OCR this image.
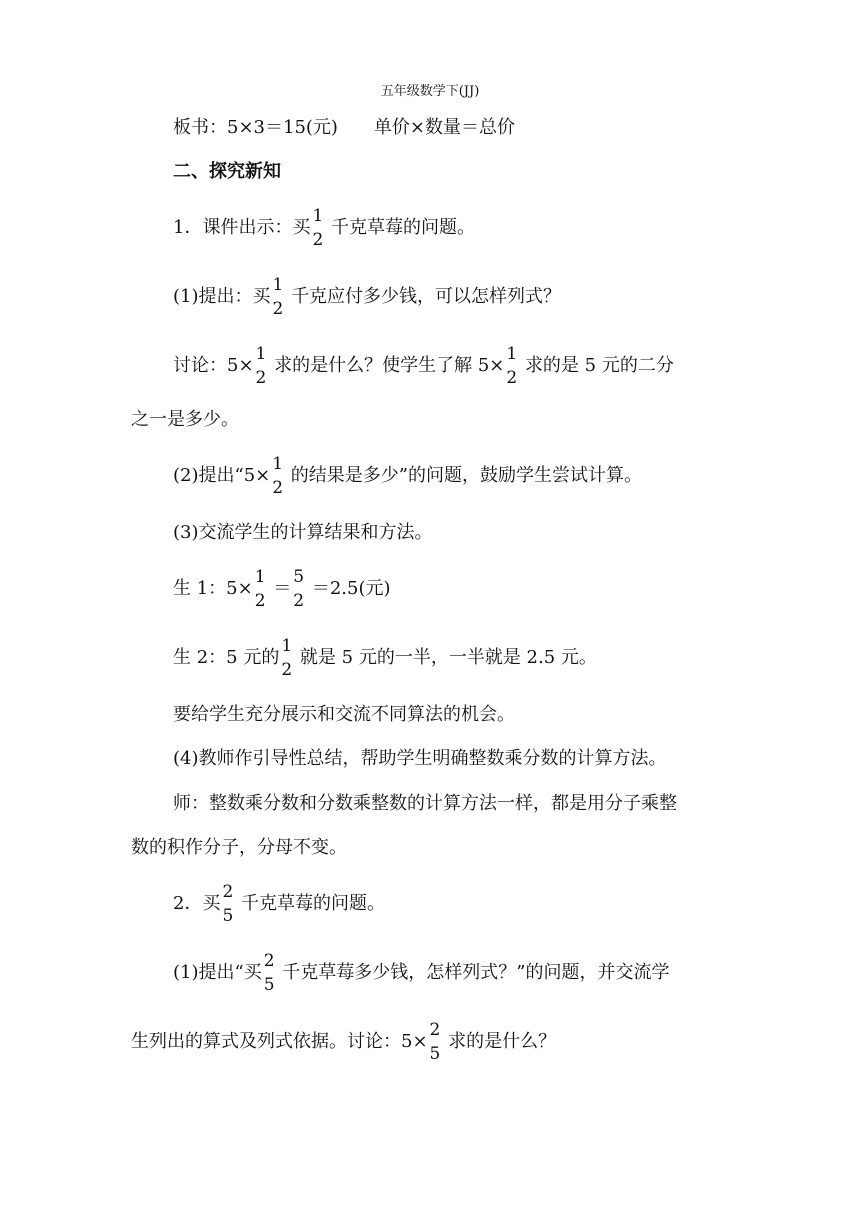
五年级数学下(JJ)
板书：5×3＝15(元)　　单价×数量＝总价
二、探究新知
1．课件出示：买
1
2
千克草莓的问题。
(1)提出：买
1
2
千克应付多少钱，可以怎样列式？
讨论：5×
1
2
求的是什么？使学生了解 5×
1
2
求的是 5 元的二分
之一是多少。
(2)提出“5×
1
2
的结果是多少”的问题，鼓励学生尝试计算。
(3)交流学生的计算结果和方法。
生 1：5×
1
2
＝
5
2
＝2.5(元)
生 2：5 元的
1
2
就是 5 元的一半，一半就是 2.5 元。
要给学生充分展示和交流不同算法的机会。
(4)教师作引导性总结，帮助学生明确整数乘分数的计算方法。
师：整数乘分数和分数乘整数的计算方法一样，都是用分子乘整
数的积作分子，分母不变。
2．买
2
5
千克草莓的问题。
(1)提出“买
2
5
千克草莓多少钱，怎样列式？”的问题，并交流学
生列出的算式及列式依据。讨论：5×
2
5
求的是什么？
